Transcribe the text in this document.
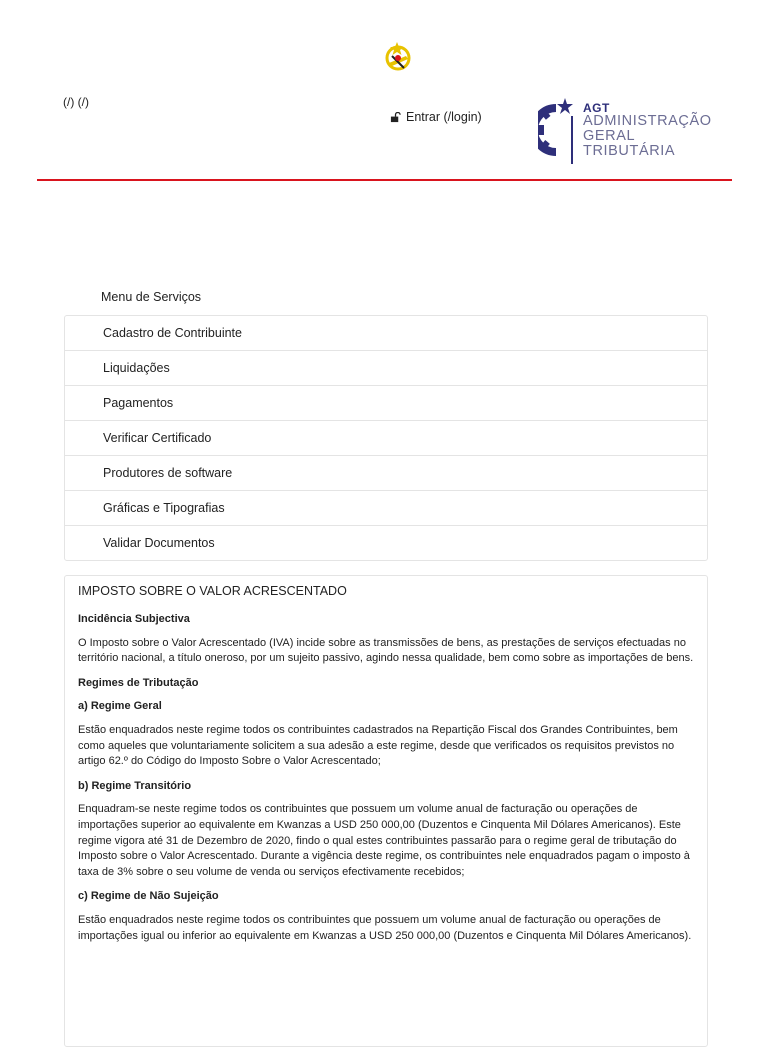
(/) (/)
Entrar (/login)
AGT
ADMINISTRAÇÃO
GERAL
TRIBUTÁRIA
Menu de Serviços
Cadastro de Contribuinte
Liquidações
Pagamentos
Verificar Certificado
Produtores de software
Gráficas e Tipografias
Validar Documentos
IMPOSTO SOBRE O VALOR ACRESCENTADO
Incidência Subjectiva

O Imposto sobre o Valor Acrescentado (IVA) incide sobre as transmissões de bens, as prestações de serviços efectuadas no território nacional, a título oneroso, por um sujeito passivo, agindo nessa qualidade, bem como sobre as importações de bens.

Regimes de Tributação
a) Regime Geral

Estão enquadrados neste regime todos os contribuintes cadastrados na Repartição Fiscal dos Grandes Contribuintes, bem como aqueles que voluntariamente solicitem a sua adesão a este regime, desde que verificados os requisitos previstos no artigo 62.º do Código do Imposto Sobre o Valor Acrescentado;

b) Regime Transitório

Enquadram-se neste regime todos os contribuintes que possuem um volume anual de facturação ou operações de importações superior ao equivalente em Kwanzas a USD 250 000,00 (Duzentos e Cinquenta Mil Dólares Americanos). Este regime vigora até 31 de Dezembro de 2020, findo o qual estes contribuintes passarão para o regime geral de tributação do Imposto sobre o Valor Acrescentado. Durante a vigência deste regime, os contribuintes nele enquadrados pagam o imposto à taxa de 3% sobre o seu volume de venda ou serviços efectivamente recebidos;

c) Regime de Não Sujeição

Estão enquadrados neste regime todos os contribuintes que possuem um volume anual de facturação ou operações de importações igual ou inferior ao equivalente em Kwanzas a USD 250 000,00 (Duzentos e Cinquenta Mil Dólares Americanos).
